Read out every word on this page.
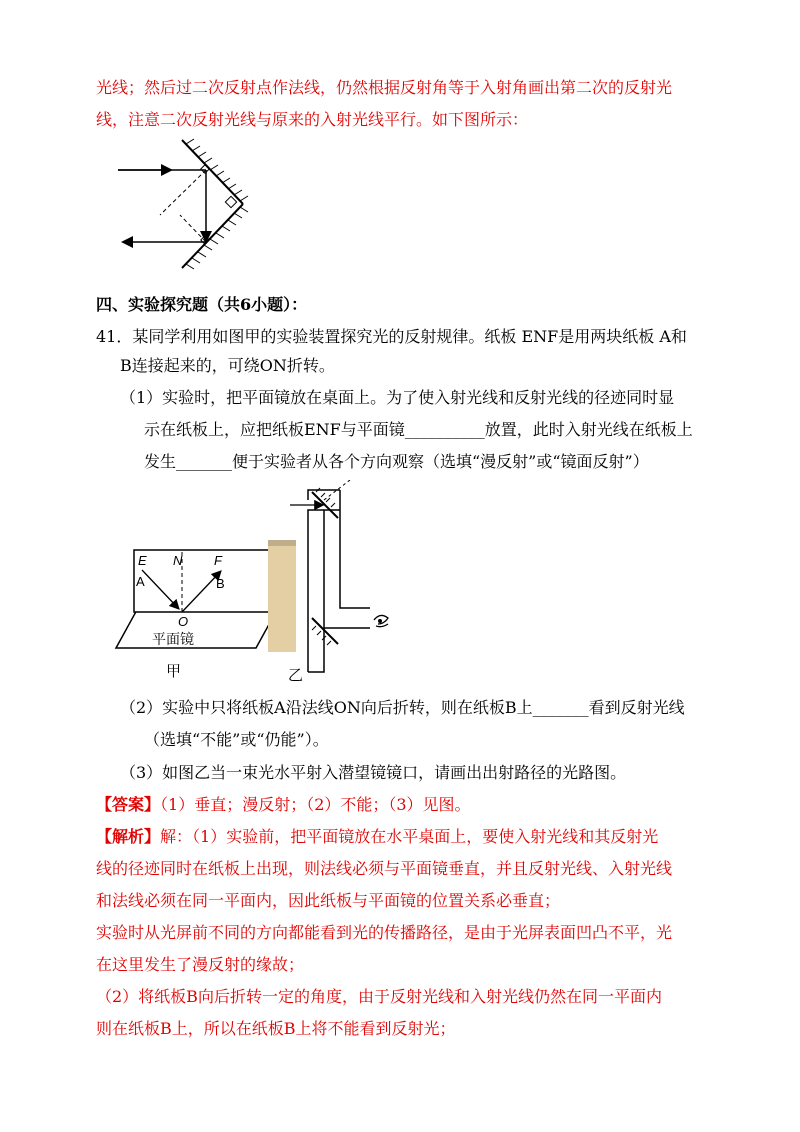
光线；然后过二次反射点作法线，仍然根据反射角等于入射角画出第二次的反射光
线，注意二次反射光线与原来的入射光线平行。如下图所示：
四、实验探究题（共6小题）：
41．某同学利用如图甲的实验装置探究光的反射规律。纸板 ENF是用两块纸板 A和
B连接起来的，可绕ON折转。
（1）实验时，把平面镜放在桌面上。为了使入射光线和反射光线的径迹同时显
示在纸板上，应把纸板ENF与平面镜__________放置，此时入射光线在纸板上
发生_______便于实验者从各个方向观察（选填“漫反射”或“镜面反射”）
E N F
A	B
O
平面镜
甲	乙
（2）实验中只将纸板A沿法线ON向后折转，则在纸板B上_______看到反射光线
（选填“不能”或“仍能”）。
（3）如图乙当一束光水平射入潜望镜镜口，请画出出射路径的光路图。
【答案】（1）垂直；漫反射；（2）不能；（3）见图。
【解析】解：（1）实验前，把平面镜放在水平桌面上，要使入射光线和其反射光
线的径迹同时在纸板上出现，则法线必须与平面镜垂直，并且反射光线、入射光线
和法线必须在同一平面内，因此纸板与平面镜的位置关系必垂直；
实验时从光屏前不同的方向都能看到光的传播路径，是由于光屏表面凹凸不平，光
在这里发生了漫反射的缘故；
（2）将纸板B向后折转一定的角度，由于反射光线和入射光线仍然在同一平面内
则在纸板B上，所以在纸板B上将不能看到反射光；
